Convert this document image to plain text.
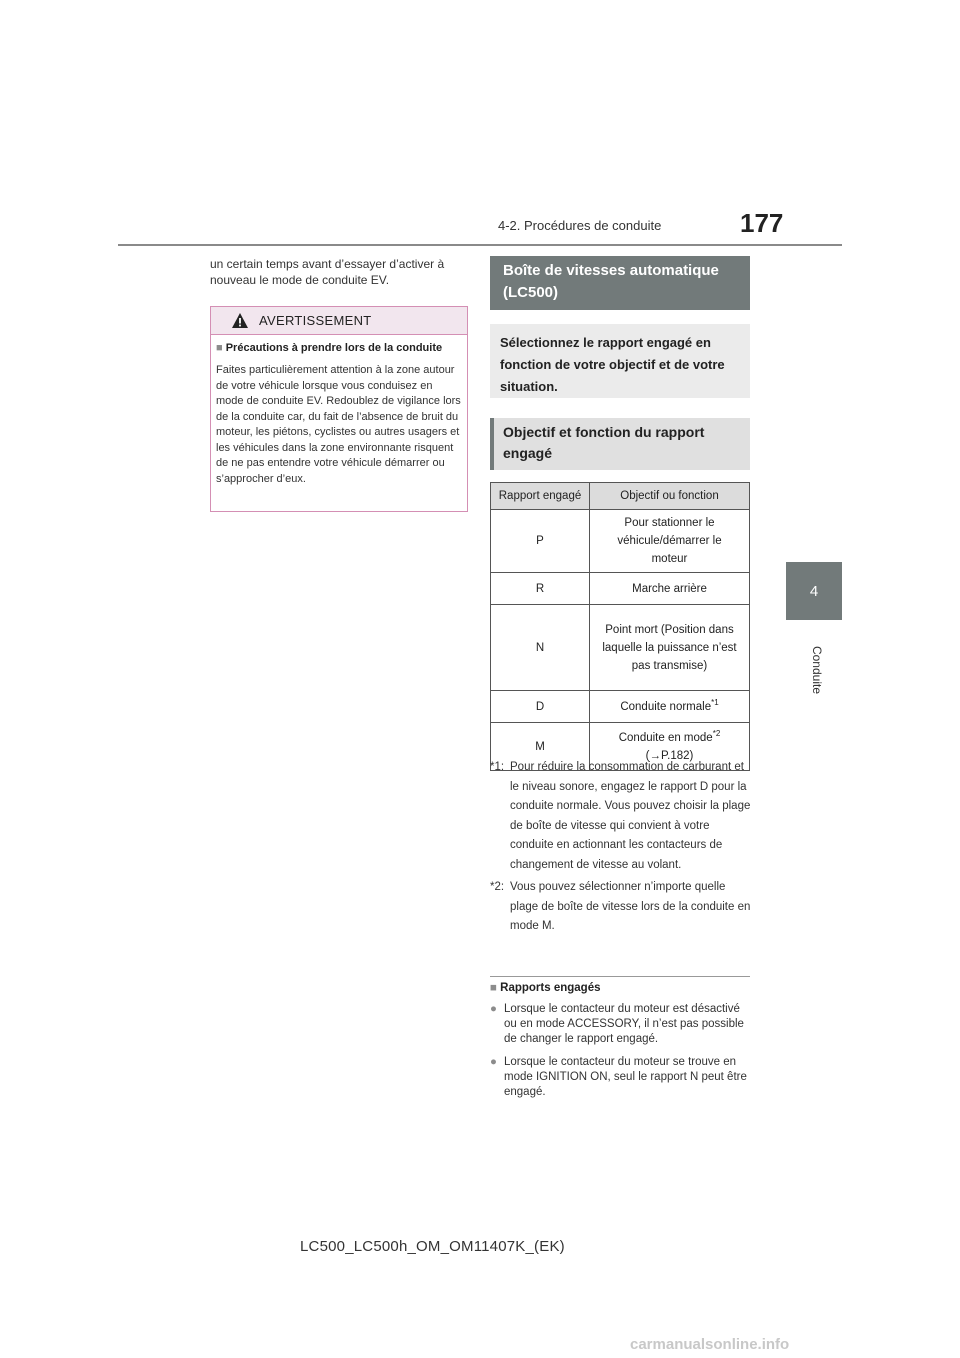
4-2. Procédures de conduite	177
4
Conduite
un certain temps avant d’essayer d’activer à nouveau le mode de conduite EV.
AVERTISSEMENT
■ Précautions à prendre lors de la conduite
Faites particulièrement attention à la zone autour de votre véhicule lorsque vous conduisez en mode de conduite EV. Redoublez de vigilance lors de la conduite car, du fait de l’absence de bruit du moteur, les piétons, cyclistes ou autres usagers et les véhicules dans la zone environnante risquent de ne pas entendre votre véhicule démarrer ou s’approcher d’eux.
Boîte de vitesses automatique (LC500)
Sélectionnez le rapport engagé en fonction de votre objectif et de votre situation.
Objectif et fonction du rapport engagé
Rapport engagé	Objectif ou fonction
P	Pour stationner le véhicule/démarrer le moteur
R	Marche arrière
N	Point mort (Position dans laquelle la puissance n’est pas transmise)
D	Conduite normale$^{*1}$
M	Conduite en mode$^{*2}$
(→P.182)
*1: Pour réduire la consommation de carburant et le niveau sonore, engagez le rapport D pour la conduite normale. Vous pouvez choisir la plage de boîte de vitesse qui convient à votre conduite en actionnant les contacteurs de changement de vitesse au volant.
*2: Vous pouvez sélectionner n’importe quelle plage de boîte de vitesse lors de la conduite en mode M.
■ Rapports engagés
● Lorsque le contacteur du moteur est désactivé ou en mode ACCESSORY, il n’est pas possible de changer le rapport engagé.
● Lorsque le contacteur du moteur se trouve en mode IGNITION ON, seul le rapport N peut être engagé.
LC500_LC500h_OM_OM11407K_(EK)
carmanualsonline.info
